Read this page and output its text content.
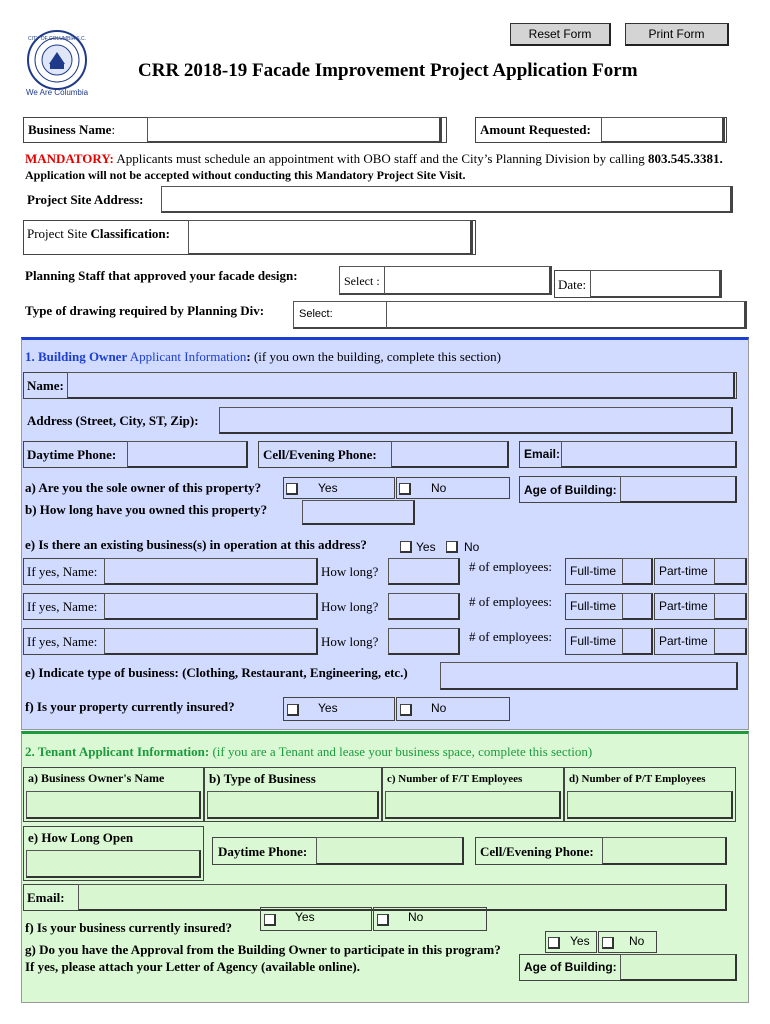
CITY OF COLUMBIA S.C.
We Are Columbia
Reset Form	Print Form
CRR 2018-19 Facade Improvement Project Application Form
Business Name:	Amount Requested:
MANDATORY: Applicants must schedule an appointment with OBO staff and the City’s Planning Division by calling 803.545.3381.
Application will not be accepted without conducting this Mandatory Project Site Visit.
Project Site Address:
Project Site Classification:
Planning Staff that approved your facade design:	Select :	Date:
Type of drawing required by Planning Div:	Select:
1. Building Owner Applicant Information: (if you own the building, complete this section)
Name:
Address (Street, City, ST, Zip):
Daytime Phone:	Cell/Evening Phone:	Email:
a) Are you the sole owner of this property?	Yes	No	Age of Building:
b) How long have you owned this property?
e) Is there an existing business(s) in operation at this address?	Yes No
If yes, Name:	How long?	# of employees: Full-time	Part-time
If yes, Name:	How long?	# of employees: Full-time	Part-time
If yes, Name:	How long?	# of employees: Full-time	Part-time
e) Indicate type of business: (Clothing, Restaurant, Engineering, etc.)
f) Is your property currently insured?	Yes	No
2. Tenant Applicant Information: (if you are a Tenant and lease your business space, complete this section)
a) Business Owner's Name	b) Type of Business	c) Number of F/T Employees	d) Number of P/T Employees
e) How Long Open
Daytime Phone:	Cell/Evening Phone:
Email:
f) Is your business currently insured?
Yes	No
g) Do you have the Approval from the Building Owner to participate in this program?
Yes	No
If yes, please attach your Letter of Agency (available online).	Age of Building:
